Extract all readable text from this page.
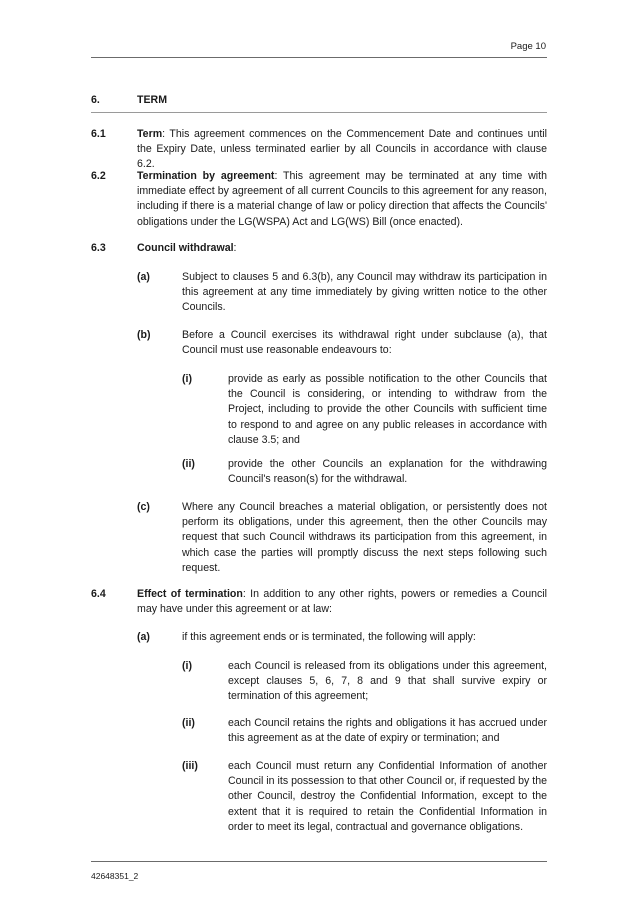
Page 10
6.	TERM
6.1	Term: This agreement commences on the Commencement Date and continues until the Expiry Date, unless terminated earlier by all Councils in accordance with clause 6.2.
6.2	Termination by agreement: This agreement may be terminated at any time with immediate effect by agreement of all current Councils to this agreement for any reason, including if there is a material change of law or policy direction that affects the Councils' obligations under the LG(WSPA) Act and LG(WS) Bill (once enacted).
6.3	Council withdrawal:
(a)	Subject to clauses 5 and 6.3(b), any Council may withdraw its participation in this agreement at any time immediately by giving written notice to the other Councils.
(b)	Before a Council exercises its withdrawal right under subclause (a), that Council must use reasonable endeavours to:
(i)	provide as early as possible notification to the other Councils that the Council is considering, or intending to withdraw from the Project, including to provide the other Councils with sufficient time to respond to and agree on any public releases in accordance with clause 3.5; and
(ii)	provide the other Councils an explanation for the withdrawing Council's reason(s) for the withdrawal.
(c)	Where any Council breaches a material obligation, or persistently does not perform its obligations, under this agreement, then the other Councils may request that such Council withdraws its participation from this agreement, in which case the parties will promptly discuss the next steps following such request.
6.4	Effect of termination: In addition to any other rights, powers or remedies a Council may have under this agreement or at law:
(a)	if this agreement ends or is terminated, the following will apply:
(i)	each Council is released from its obligations under this agreement, except clauses 5, 6, 7, 8 and 9 that shall survive expiry or termination of this agreement;
(ii)	each Council retains the rights and obligations it has accrued under this agreement as at the date of expiry or termination; and
(iii)	each Council must return any Confidential Information of another Council in its possession to that other Council or, if requested by the other Council, destroy the Confidential Information, except to the extent that it is required to retain the Confidential Information in order to meet its legal, contractual and governance obligations.
42648351_2
